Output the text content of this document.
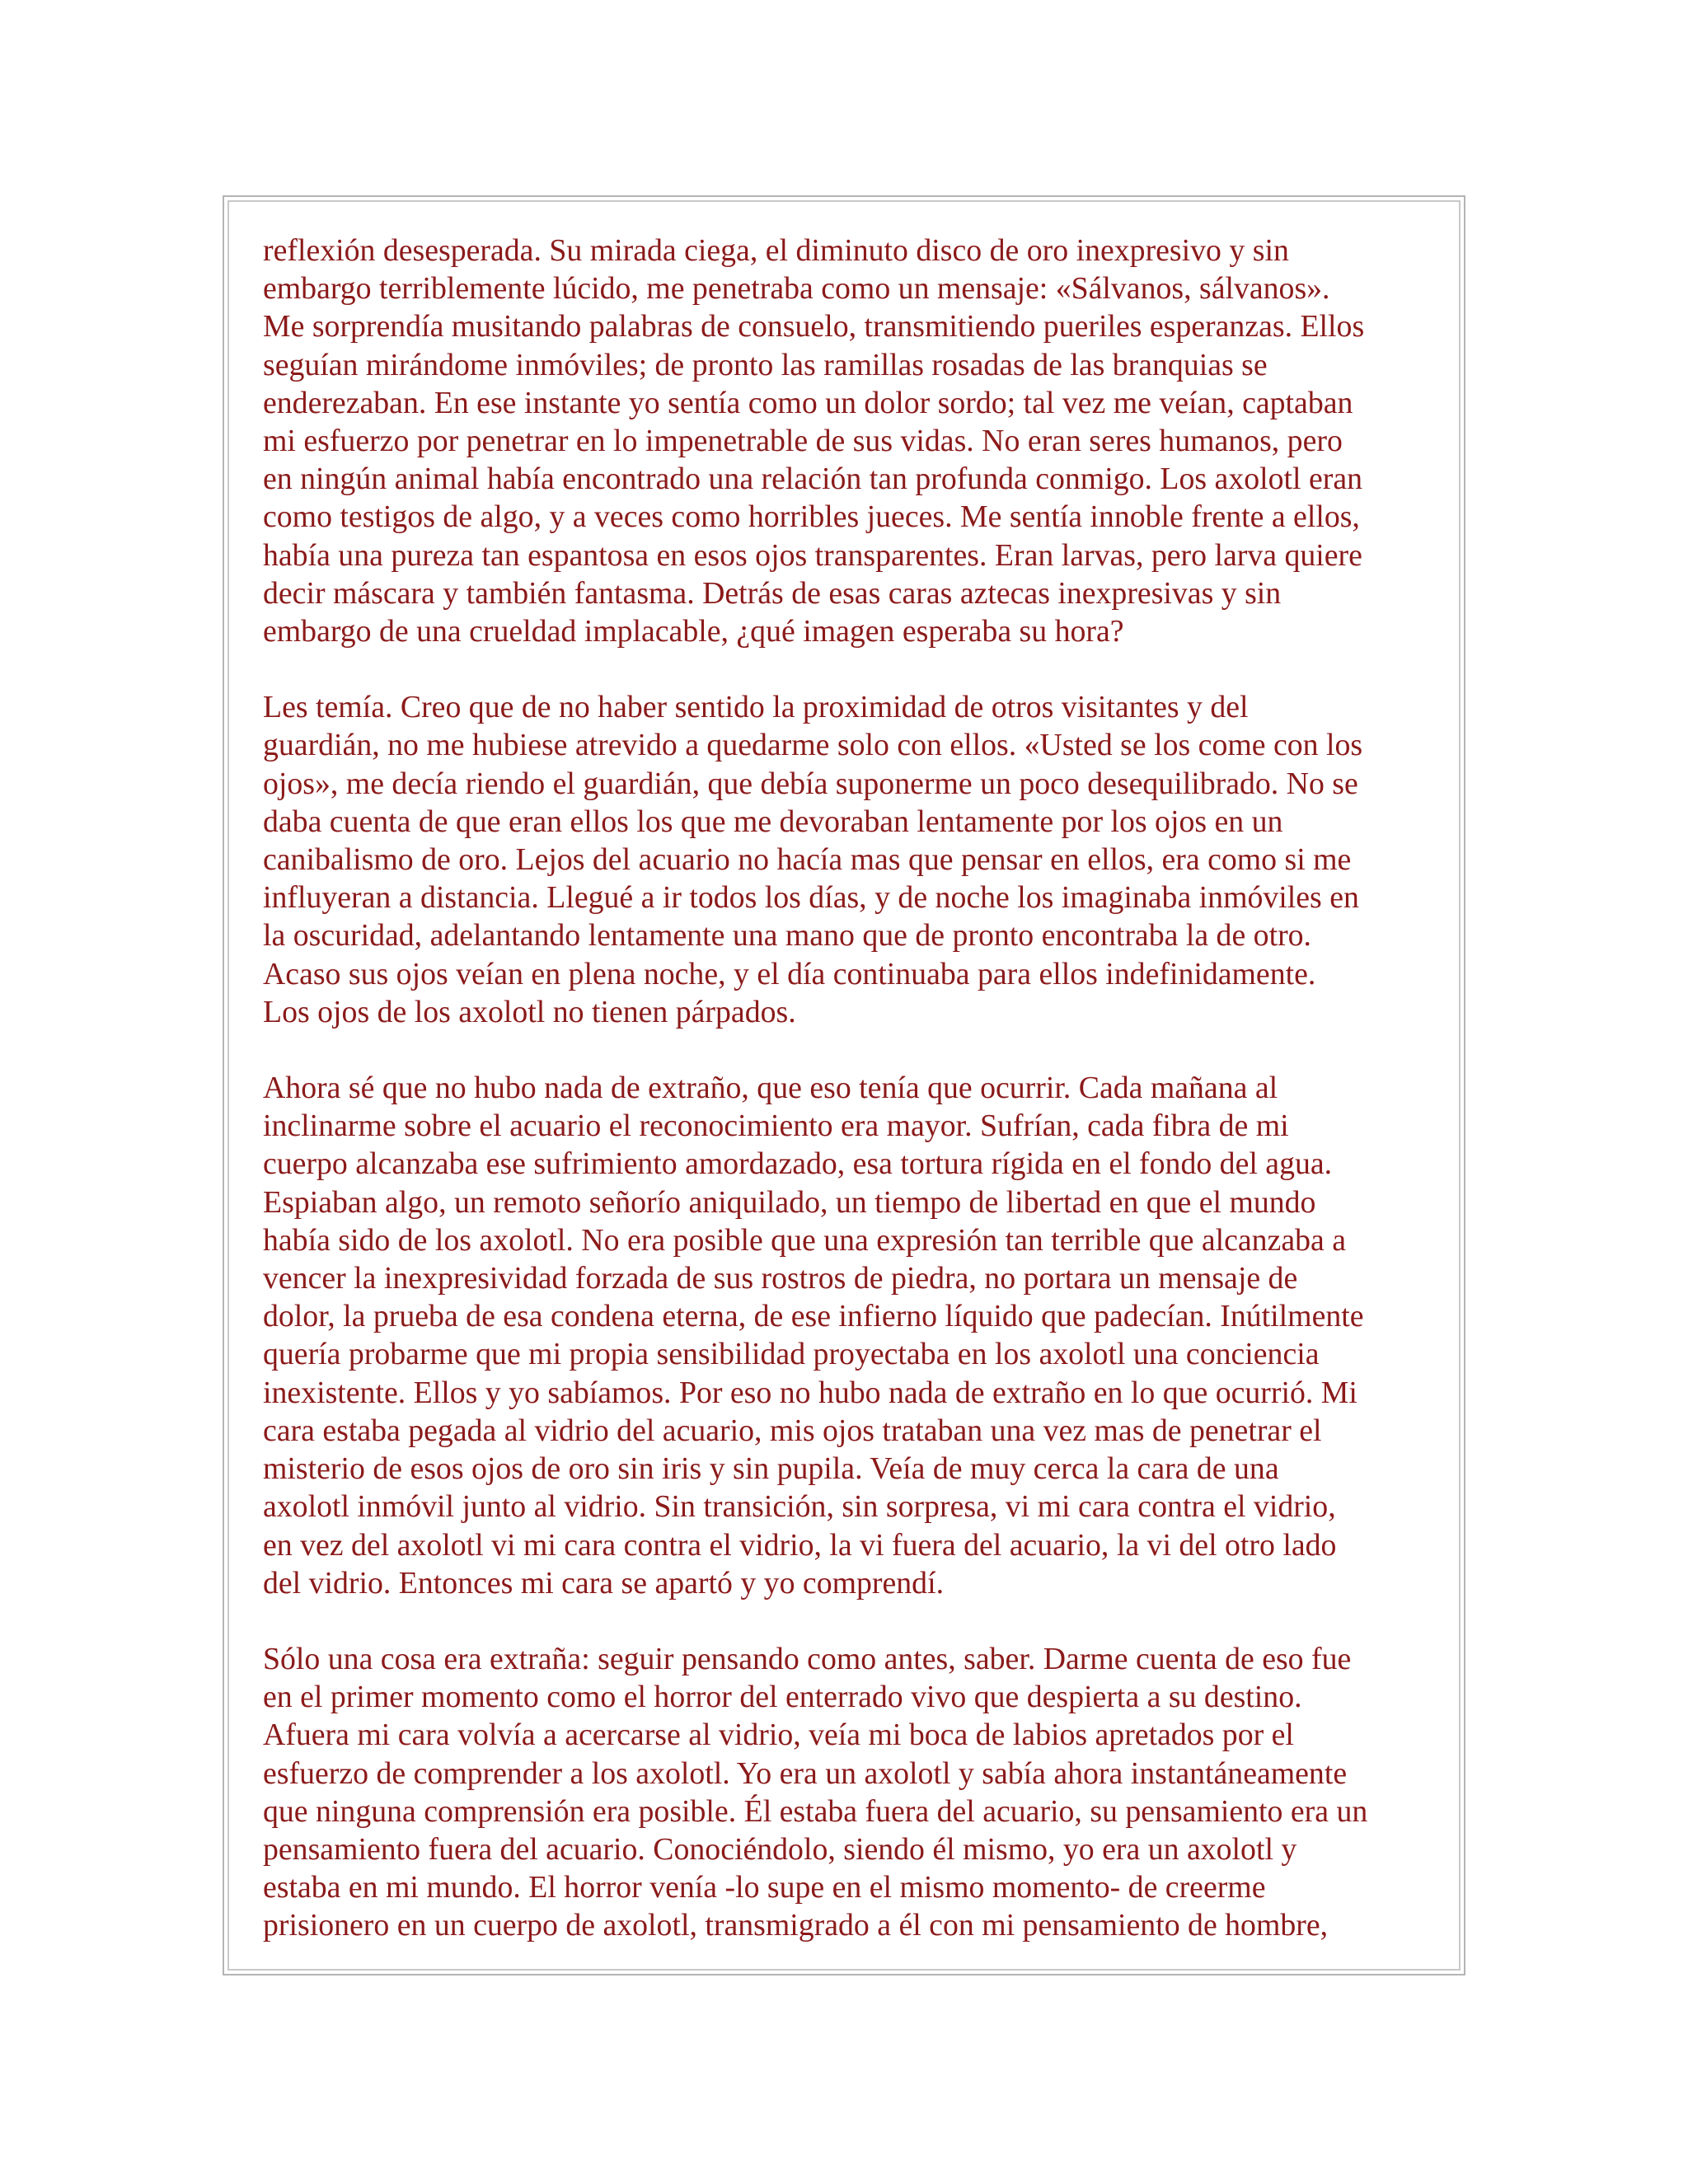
reflexión desesperada. Su mirada ciega, el diminuto disco de oro inexpresivo y sin
embargo terriblemente lúcido, me penetraba como un mensaje: «Sálvanos, sálvanos».
Me sorprendía musitando palabras de consuelo, transmitiendo pueriles esperanzas. Ellos
seguían mirándome inmóviles; de pronto las ramillas rosadas de las branquias se
enderezaban. En ese instante yo sentía como un dolor sordo; tal vez me veían, captaban
mi esfuerzo por penetrar en lo impenetrable de sus vidas. No eran seres humanos, pero
en ningún animal había encontrado una relación tan profunda conmigo. Los axolotl eran
como testigos de algo, y a veces como horribles jueces. Me sentía innoble frente a ellos,
había una pureza tan espantosa en esos ojos transparentes. Eran larvas, pero larva quiere
decir máscara y también fantasma. Detrás de esas caras aztecas inexpresivas y sin
embargo de una crueldad implacable, ¿qué imagen esperaba su hora?

Les temía. Creo que de no haber sentido la proximidad de otros visitantes y del
guardián, no me hubiese atrevido a quedarme solo con ellos. «Usted se los come con los
ojos», me decía riendo el guardián, que debía suponerme un poco desequilibrado. No se
daba cuenta de que eran ellos los que me devoraban lentamente por los ojos en un
canibalismo de oro. Lejos del acuario no hacía mas que pensar en ellos, era como si me
influyeran a distancia. Llegué a ir todos los días, y de noche los imaginaba inmóviles en
la oscuridad, adelantando lentamente una mano que de pronto encontraba la de otro.
Acaso sus ojos veían en plena noche, y el día continuaba para ellos indefinidamente.
Los ojos de los axolotl no tienen párpados.

Ahora sé que no hubo nada de extraño, que eso tenía que ocurrir. Cada mañana al
inclinarme sobre el acuario el reconocimiento era mayor. Sufrían, cada fibra de mi
cuerpo alcanzaba ese sufrimiento amordazado, esa tortura rígida en el fondo del agua.
Espiaban algo, un remoto señorío aniquilado, un tiempo de libertad en que el mundo
había sido de los axolotl. No era posible que una expresión tan terrible que alcanzaba a
vencer la inexpresividad forzada de sus rostros de piedra, no portara un mensaje de
dolor, la prueba de esa condena eterna, de ese infierno líquido que padecían. Inútilmente
quería probarme que mi propia sensibilidad proyectaba en los axolotl una conciencia
inexistente. Ellos y yo sabíamos. Por eso no hubo nada de extraño en lo que ocurrió. Mi
cara estaba pegada al vidrio del acuario, mis ojos trataban una vez mas de penetrar el
misterio de esos ojos de oro sin iris y sin pupila. Veía de muy cerca la cara de una
axolotl inmóvil junto al vidrio. Sin transición, sin sorpresa, vi mi cara contra el vidrio,
en vez del axolotl vi mi cara contra el vidrio, la vi fuera del acuario, la vi del otro lado
del vidrio. Entonces mi cara se apartó y yo comprendí.

Sólo una cosa era extraña: seguir pensando como antes, saber. Darme cuenta de eso fue
en el primer momento como el horror del enterrado vivo que despierta a su destino.
Afuera mi cara volvía a acercarse al vidrio, veía mi boca de labios apretados por el
esfuerzo de comprender a los axolotl. Yo era un axolotl y sabía ahora instantáneamente
que ninguna comprensión era posible. Él estaba fuera del acuario, su pensamiento era un
pensamiento fuera del acuario. Conociéndolo, siendo él mismo, yo era un axolotl y
estaba en mi mundo. El horror venía -lo supe en el mismo momento- de creerme
prisionero en un cuerpo de axolotl, transmigrado a él con mi pensamiento de hombre,
